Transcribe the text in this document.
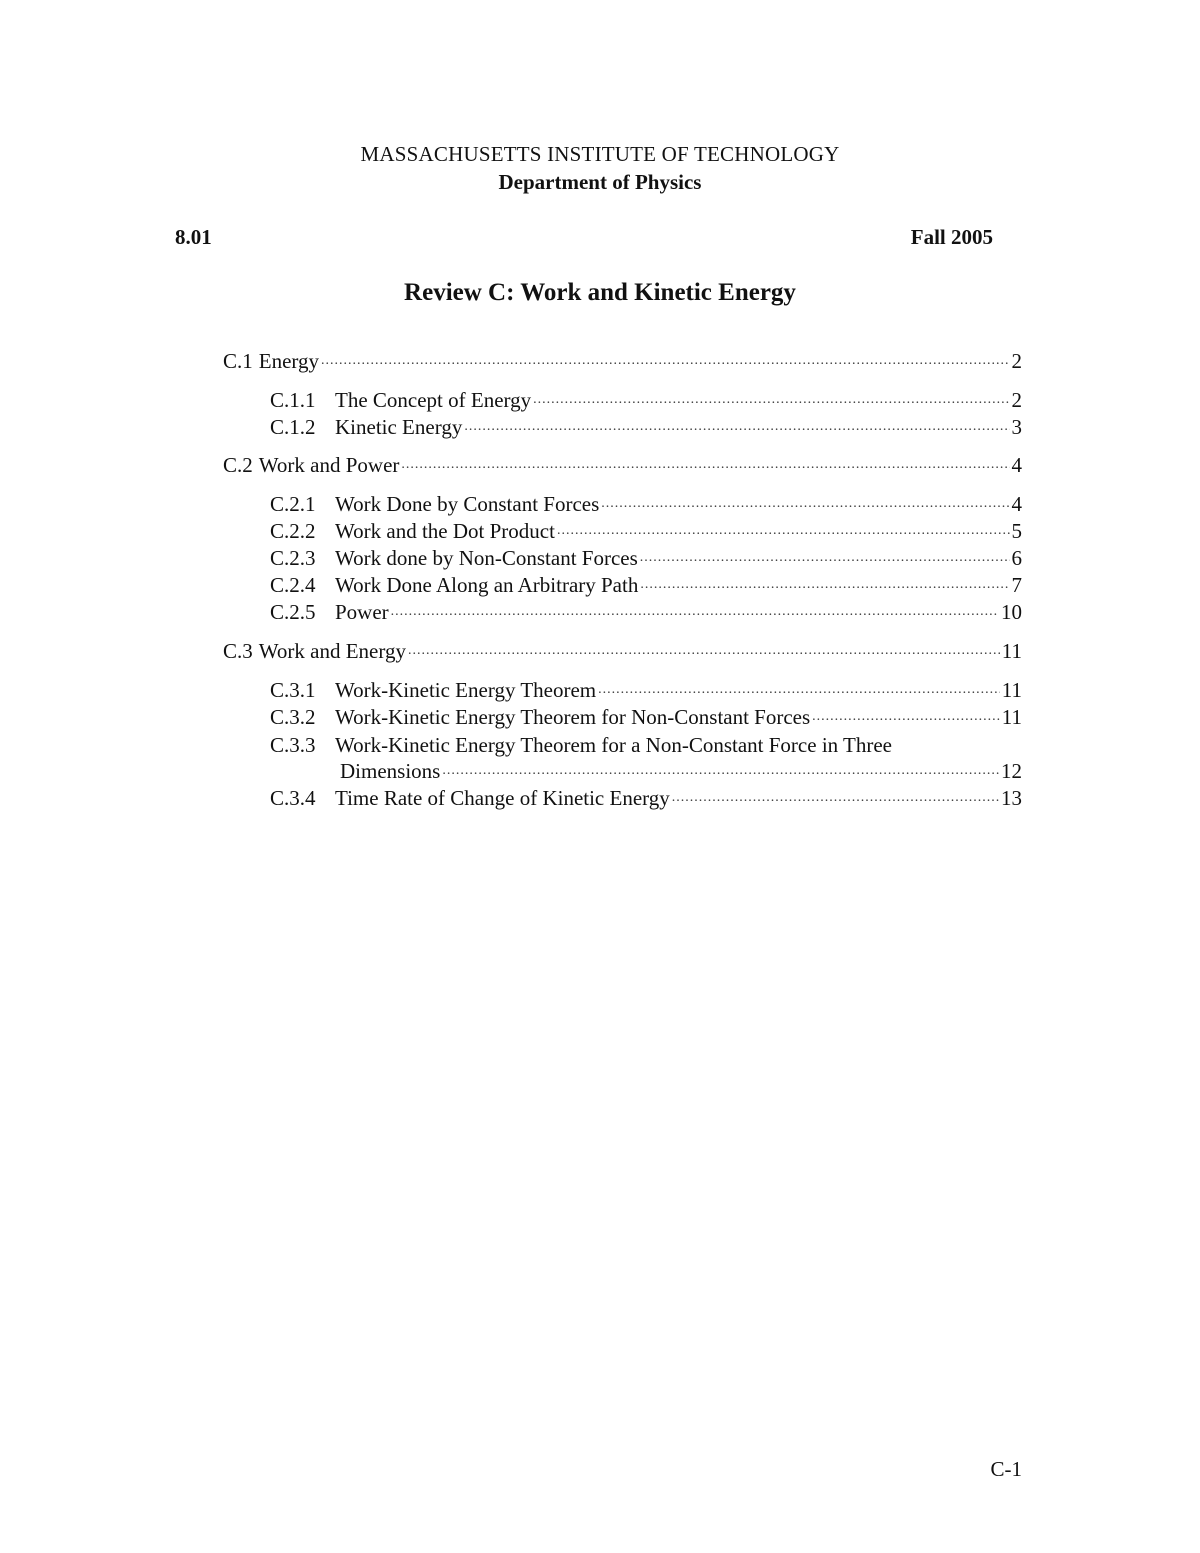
MASSACHUSETTS INSTITUTE OF TECHNOLOGY
Department of Physics
8.01	Fall 2005
Review C: Work and Kinetic Energy
C.1 Energy .....	2
C.1.1 The Concept of Energy .....	2
C.1.2 Kinetic Energy .....	3
C.2 Work and Power .....	4
C.2.1 Work Done by Constant Forces .....	4
C.2.2 Work and the Dot Product .....	5
C.2.3 Work done by Non-Constant Forces .....	6
C.2.4 Work Done Along an Arbitrary Path .....	7
C.2.5 Power .....	10
C.3 Work and Energy .....	11
C.3.1 Work-Kinetic Energy Theorem .....	11
C.3.2 Work-Kinetic Energy Theorem for Non-Constant Forces .....	11
C.3.3 Work-Kinetic Energy Theorem for a Non-Constant Force in Three
Dimensions .....	12
C.3.4 Time Rate of Change of Kinetic Energy .....	13
C-1
